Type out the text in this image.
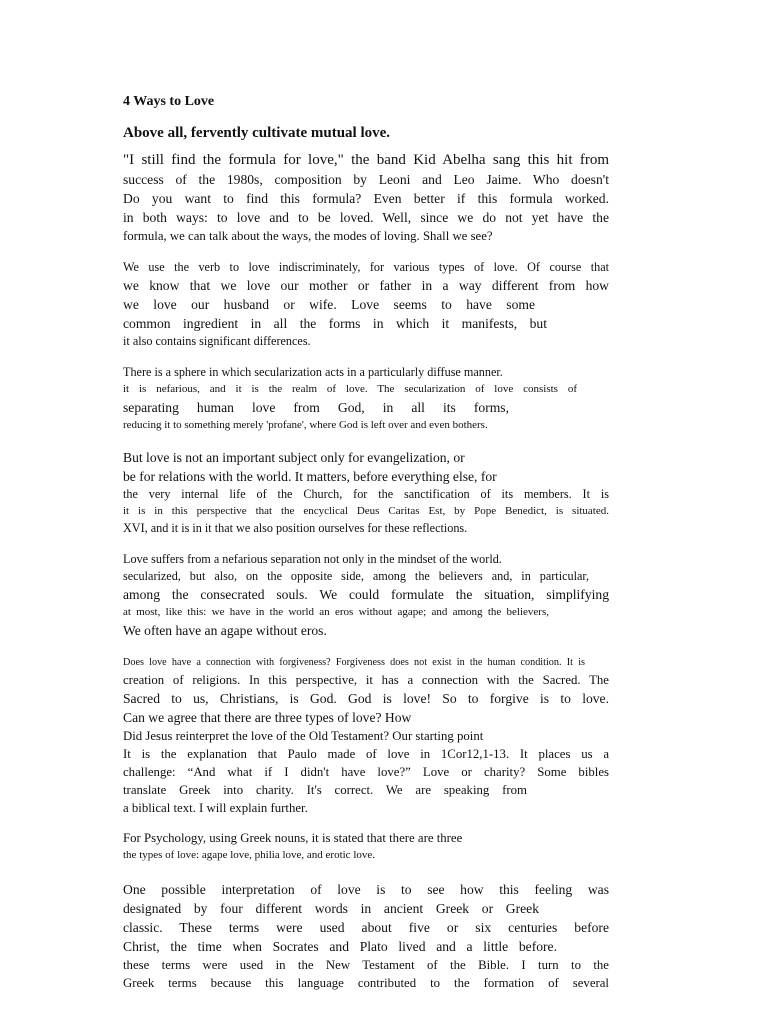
4 Ways to Love
Above all, fervently cultivate mutual love.
"I still find the formula for love," the band Kid Abelha sang this hit from
success of the 1980s, composition by Leoni and Leo Jaime. Who doesn't
Do you want to find this formula? Even better if this formula worked.
in both ways: to love and to be loved. Well, since we do not yet have the
formula, we can talk about the ways, the modes of loving. Shall we see?
We use the verb to love indiscriminately, for various types of love. Of course that
we know that we love our mother or father in a way different from how
we love our husband or wife. Love seems to have some
common ingredient in all the forms in which it manifests, but
it also contains significant differences.
There is a sphere in which secularization acts in a particularly diffuse manner.
it is nefarious, and it is the realm of love. The secularization of love consists of
separating human love from God, in all its forms,
reducing it to something merely 'profane', where God is left over and even bothers.
But love is not an important subject only for evangelization, or
be for relations with the world. It matters, before everything else, for
the very internal life of the Church, for the sanctification of its members. It is
it is in this perspective that the encyclical Deus Caritas Est, by Pope Benedict, is situated.
XVI, and it is in it that we also position ourselves for these reflections.
Love suffers from a nefarious separation not only in the mindset of the world.
secularized, but also, on the opposite side, among the believers and, in particular,
among the consecrated souls. We could formulate the situation, simplifying
at most, like this: we have in the world an eros without agape; and among the believers,
We often have an agape without eros.
Does love have a connection with forgiveness? Forgiveness does not exist in the human condition. It is
creation of religions. In this perspective, it has a connection with the Sacred. The
Sacred to us, Christians, is God. God is love! So to forgive is to love.
Can we agree that there are three types of love? How
Did Jesus reinterpret the love of the Old Testament? Our starting point
It is the explanation that Paulo made of love in 1Cor12,1-13. It places us a
challenge: “And what if I didn't have love?” Love or charity? Some bibles
translate Greek into charity. It's correct. We are speaking from
a biblical text. I will explain further.
For Psychology, using Greek nouns, it is stated that there are three
the types of love: agape love, philia love, and erotic love.
One possible interpretation of love is to see how this feeling was
designated by four different words in ancient Greek or Greek
classic. These terms were used about five or six centuries before
Christ, the time when Socrates and Plato lived and a little before.
these terms were used in the New Testament of the Bible. I turn to the
Greek terms because this language contributed to the formation of several
